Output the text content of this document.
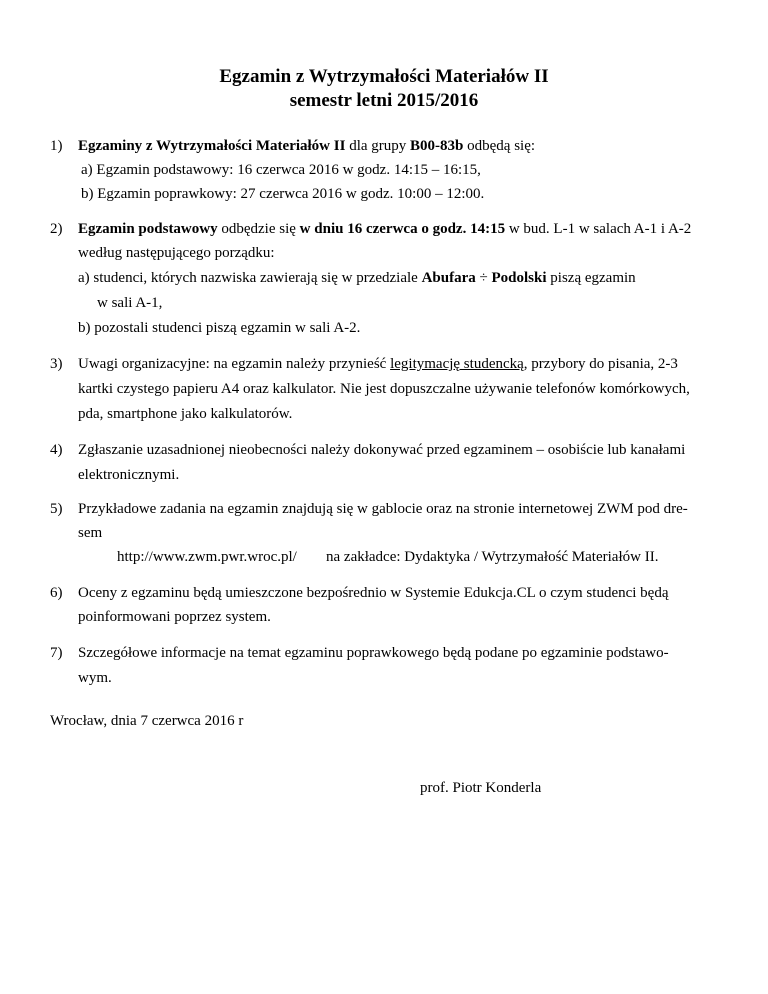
Egzamin z Wytrzymałości Materiałów II
semestr letni 2015/2016
1) Egzaminy z Wytrzymałości Materiałów II dla grupy B00-83b odbędą się:
a) Egzamin podstawowy: 16 czerwca 2016 w godz. 14:15 – 16:15,
b) Egzamin poprawkowy: 27 czerwca 2016 w godz. 10:00 – 12:00.
2) Egzamin podstawowy odbędzie się w dniu 16 czerwca o godz. 14:15 w bud. L-1 w salach A-1 i A-2
według następującego porządku:
a) studenci, których nazwiska zawierają się w przedziale Abufara ÷ Podolski piszą egzamin
w sali A-1,
b) pozostali studenci piszą egzamin w sali A-2.
3) Uwagi organizacyjne: na egzamin należy przynieść legitymację studencką, przybory do pisania, 2-3
kartki czystego papieru A4 oraz kalkulator. Nie jest dopuszczalne używanie telefonów komórkowych,
pda, smartphone jako kalkulatorów.
4) Zgłaszanie uzasadnionej nieobecności należy dokonywać przed egzaminem – osobiście lub kanałami
elektronicznymi.
5) Przykładowe zadania na egzamin znajdują się w gablocie oraz na stronie internetowej ZWM pod dre-
sem
http://www.zwm.pwr.wroc.pl/ na zakładce: Dydaktyka / Wytrzymałość Materiałów II.
6) Oceny z egzaminu będą umieszczone bezpośrednio w Systemie Edukcja.CL o czym studenci będą
poinformowani poprzez system.
7) Szczegółowe informacje na temat egzaminu poprawkowego będą podane po egzaminie podstawo-
wym.
Wrocław, dnia 7 czerwca 2016 r
prof. Piotr Konderla
